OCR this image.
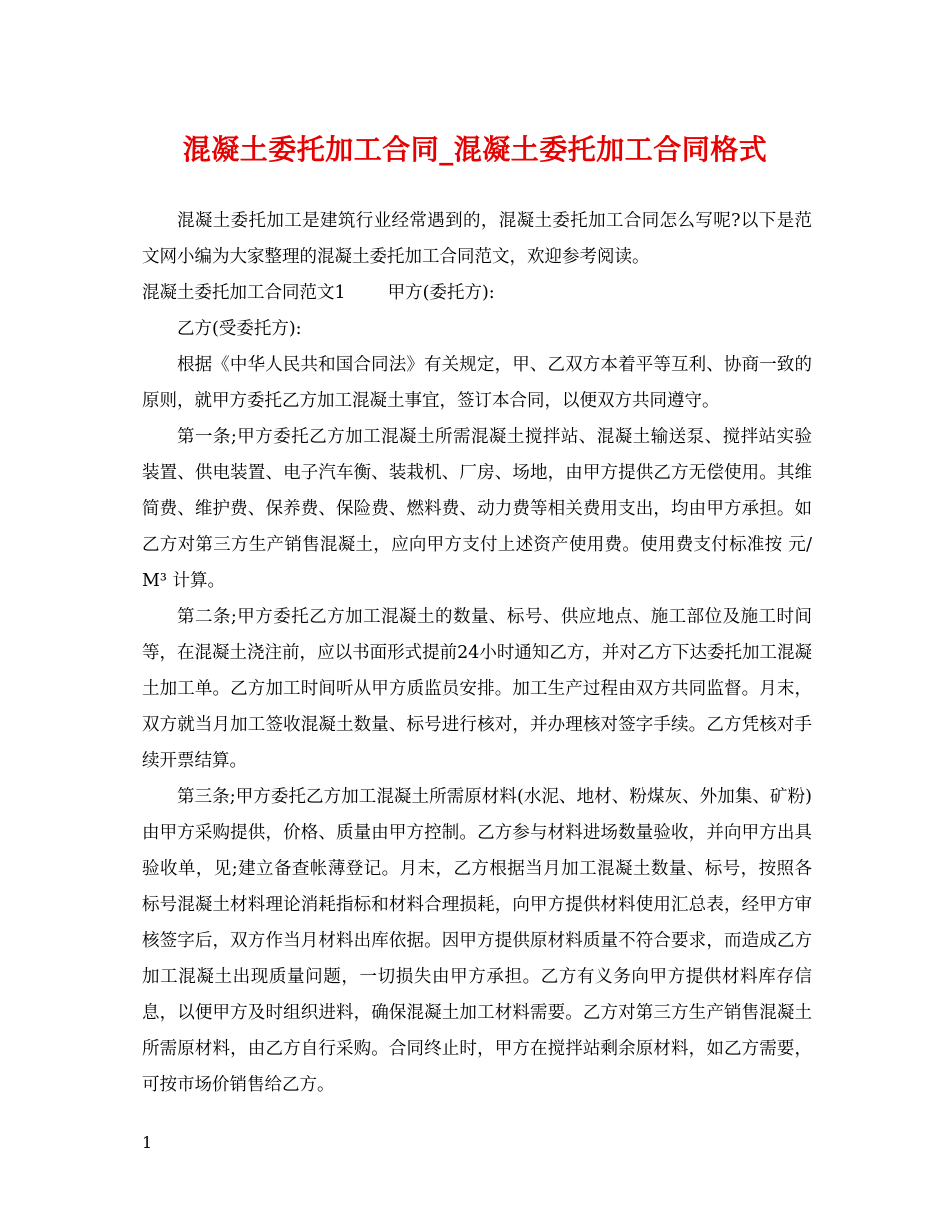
混凝土委托加工合同_混凝土委托加工合同格式

混凝土委托加工是建筑行业经常遇到的，混凝土委托加工合同怎么写呢?以下是范文网小编为大家整理的混凝土委托加工合同范文，欢迎参考阅读。

混凝土委托加工合同范文1 甲方(委托方):

乙方(受委托方):

根据《中华人民共和国合同法》有关规定，甲、乙双方本着平等互利、协商一致的原则，就甲方委托乙方加工混凝土事宜，签订本合同，以便双方共同遵守。

第一条;甲方委托乙方加工混凝土所需混凝土搅拌站、混凝土输送泵、搅拌站实验装置、供电装置、电子汽车衡、装栽机、厂房、场地，由甲方提供乙方无偿使用。其维简费、维护费、保养费、保险费、燃料费、动力费等相关费用支出，均由甲方承担。如乙方对第三方生产销售混凝土，应向甲方支付上述资产使用费。使用费支付标准按 元/M³ 计算。

第二条;甲方委托乙方加工混凝土的数量、标号、供应地点、施工部位及施工时间等，在混凝土浇注前，应以书面形式提前24小时通知乙方，并对乙方下达委托加工混凝土加工单。乙方加工时间听从甲方质监员安排。加工生产过程由双方共同监督。月末，双方就当月加工签收混凝土数量、标号进行核对，并办理核对签字手续。乙方凭核对手续开票结算。

第三条;甲方委托乙方加工混凝土所需原材料(水泥、地材、粉煤灰、外加集、矿粉)由甲方采购提供，价格、质量由甲方控制。乙方参与材料进场数量验收，并向甲方出具验收单，见;建立备查帐薄登记。月末，乙方根据当月加工混凝土数量、标号，按照各标号混凝土材料理论消耗指标和材料合理损耗，向甲方提供材料使用汇总表，经甲方审核签字后，双方作当月材料出库依据。因甲方提供原材料质量不符合要求，而造成乙方加工混凝土出现质量问题，一切损失由甲方承担。乙方有义务向甲方提供材料库存信息，以便甲方及时组织进料，确保混凝土加工材料需要。乙方对第三方生产销售混凝土所需原材料，由乙方自行采购。合同终止时，甲方在搅拌站剩余原材料，如乙方需要，可按市场价销售给乙方。

1
